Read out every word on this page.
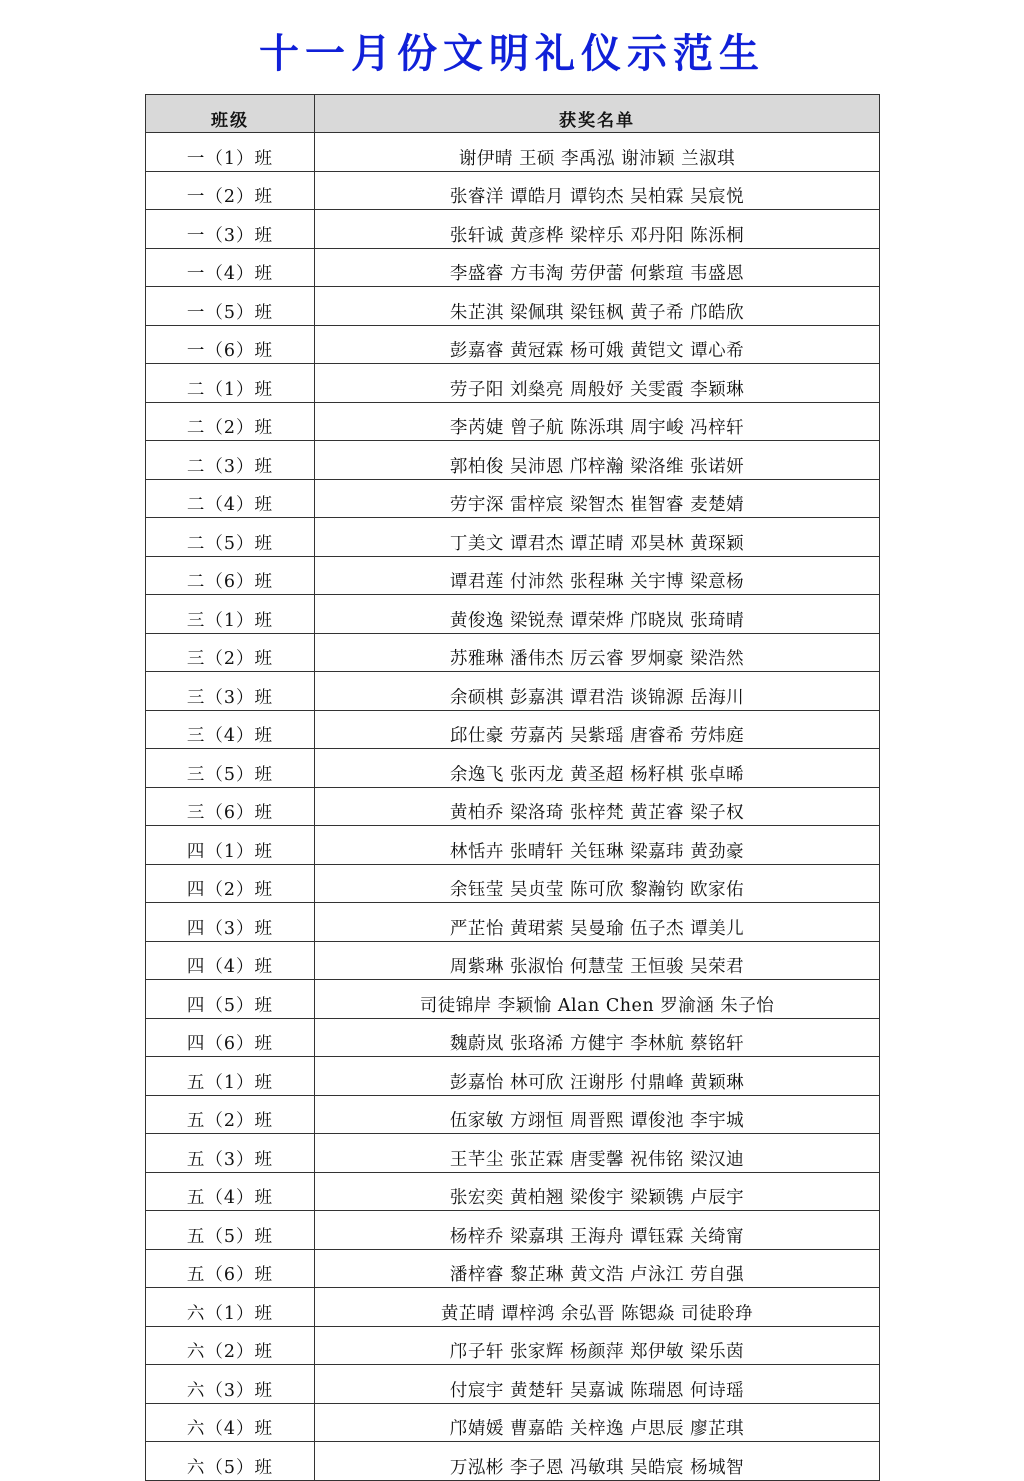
十一月份文明礼仪示范生
班级	获奖名单
一（1）班	谢伊晴 王硕 李禹泓 谢沛颖 兰淑琪
一（2）班	张睿洋 谭皓月 谭钧杰 吴柏霖 吴宸悦
一（3）班	张轩诚 黄彦桦 梁梓乐 邓丹阳 陈泺桐
一（4）班	李盛睿 方韦淘 劳伊蕾 何紫瑄 韦盛恩
一（5）班	朱芷淇 梁佩琪 梁钰枫 黄子希 邝皓欣
一（6）班	彭嘉睿 黄冠霖 杨可娥 黄铠文 谭心希
二（1）班	劳子阳 刘燊亮 周般妤 关雯霞 李颖琳
二（2）班	李芮婕 曾子航 陈泺琪 周宇峻 冯梓轩
二（3）班	郭柏俊 吴沛恩 邝梓瀚 梁洛维 张诺妍
二（4）班	劳宇深 雷梓宸 梁智杰 崔智睿 麦楚婧
二（5）班	丁美文 谭君杰 谭芷晴 邓昊林 黄琛颖
二（6）班	谭君莲 付沛然 张程琳 关宇博 梁意杨
三（1）班	黄俊逸 梁锐焘 谭荣烨 邝晓岚 张琦晴
三（2）班	苏雅琳 潘伟杰 厉云睿 罗炯豪 梁浩然
三（3）班	余硕棋 彭嘉淇 谭君浩 谈锦源 岳海川
三（4）班	邱仕豪 劳嘉芮 吴紫瑶 唐睿希 劳炜庭
三（5）班	余逸飞 张丙龙 黄圣超 杨籽棋 张卓晞
三（6）班	黄柏乔 梁洛琦 张梓梵 黄芷睿 梁子权
四（1）班	林恬卉 张晴轩 关钰琳 梁嘉玮 黄劲豪
四（2）班	余钰莹 吴贞莹 陈可欣 黎瀚钧 欧家佑
四（3）班	严芷怡 黄珺萦 吴曼瑜 伍子杰 谭美儿
四（4）班	周紫琳 张淑怡 何慧莹 王恒骏 吴荣君
四（5）班	司徒锦岸 李颖愉 Alan Chen 罗渝涵 朱子怡
四（6）班	魏蔚岚 张珞浠 方健宇 李林航 蔡铭轩
五（1）班	彭嘉怡 林可欣 汪谢彤 付鼎峰 黄颖琳
五（2）班	伍家敏 方翊恒 周晋熙 谭俊池 李宇城
五（3）班	王芊尘 张芷霖 唐雯馨 祝伟铭 梁汉迪
五（4）班	张宏奕 黄柏翘 梁俊宇 梁颖镌 卢辰宇
五（5）班	杨梓乔 梁嘉琪 王海舟 谭钰霖 关绮甯
五（6）班	潘梓睿 黎芷琳 黄文浩 卢泳江 劳自强
六（1）班	黄芷晴 谭梓鸿 余弘晋 陈锶焱 司徒聆琤
六（2）班	邝子轩 张家辉 杨颜萍 郑伊敏 梁乐茵
六（3）班	付宸宇 黄楚轩 吴嘉诚 陈瑞恩 何诗瑶
六（4）班	邝婧媛 曹嘉皓 关梓逸 卢思辰 廖芷琪
六（5）班	万泓彬 李子恩 冯敏琪 吴皓宸 杨城智
